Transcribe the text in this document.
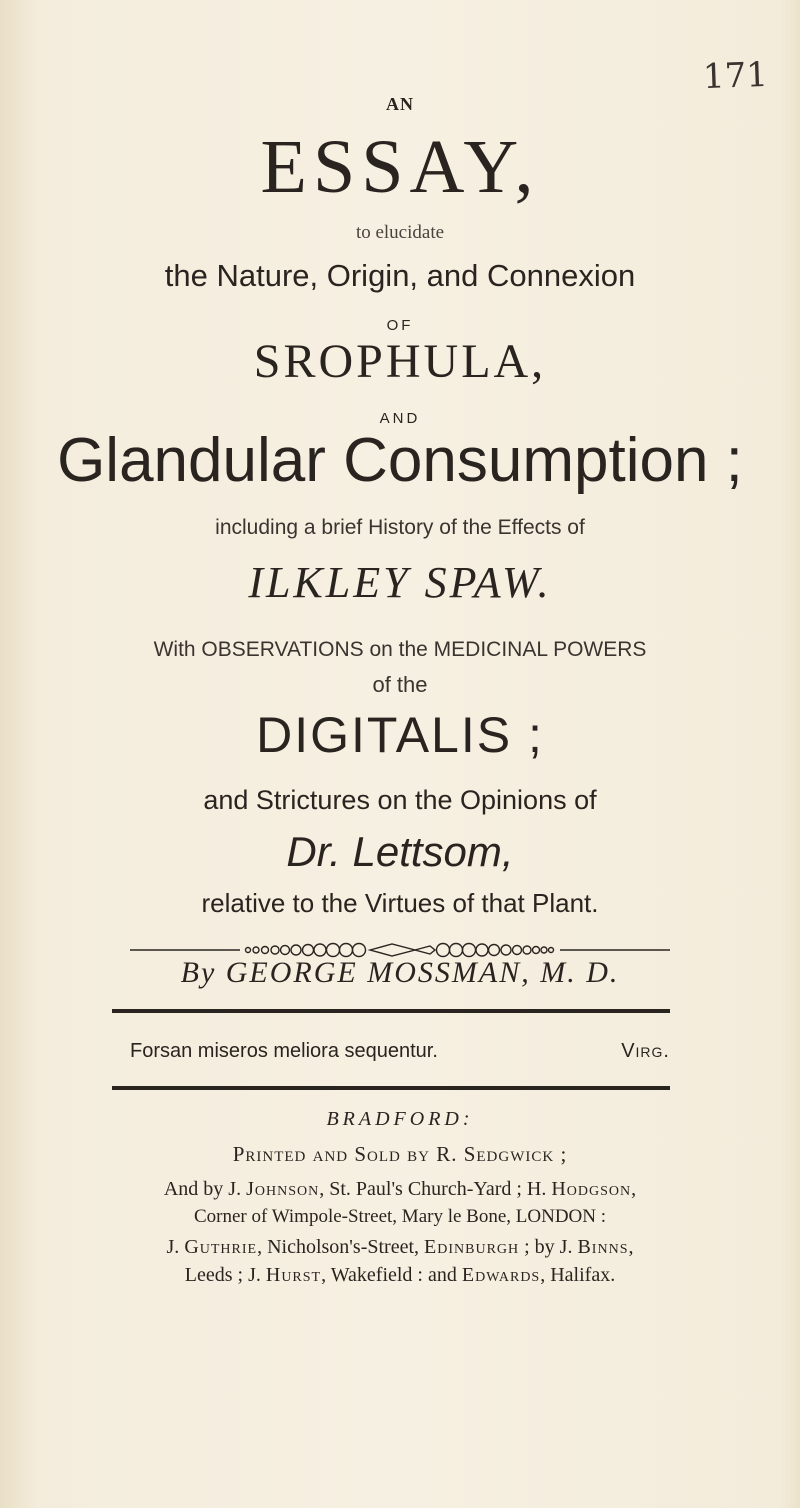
171
AN
ESSAY,
to elucidate
the Nature, Origin, and Connexion
OF
SROPHULA,
AND
Glandular Consumption ;
including a brief History of the Effects of
ILKLEY SPAW.
With OBSERVATIONS on the MEDICINAL POWERS
of the
DIGITALIS ;
and Strictures on the Opinions of
Dr. Lettsom,
relative to the Virtues of that Plant.
By GEORGE MOSSMAN, M. D.
Forsan miseros meliora sequentur.	Virg.
BRADFORD:
Printed and Sold by R. Sedgwick ;
And by J. Johnson, St. Paul's Church-Yard ; H. Hodgson,
Corner of Wimpole-Street, Mary le Bone, LONDON :
J. Guthrie, Nicholson's-Street, Edinburgh ; by J. Binns,
Leeds ; J. Hurst, Wakefield : and Edwards, Halifax.
